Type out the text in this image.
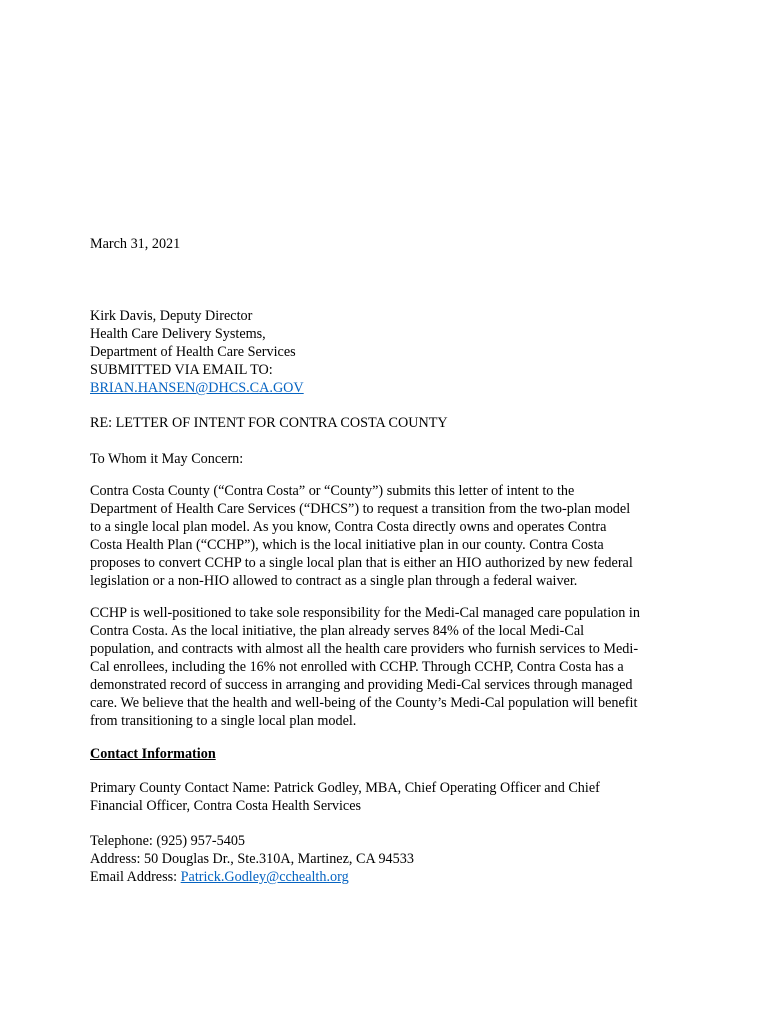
March 31, 2021
Kirk Davis, Deputy Director
Health Care Delivery Systems,
Department of Health Care Services
SUBMITTED VIA EMAIL TO:
BRIAN.HANSEN@DHCS.CA.GOV
RE: LETTER OF INTENT FOR CONTRA COSTA COUNTY
To Whom it May Concern:
Contra Costa County (“Contra Costa” or “County”) submits this letter of intent to the
Department of Health Care Services (“DHCS”) to request a transition from the two-plan model
to a single local plan model. As you know, Contra Costa directly owns and operates Contra
Costa Health Plan (“CCHP”), which is the local initiative plan in our county. Contra Costa
proposes to convert CCHP to a single local plan that is either an HIO authorized by new federal
legislation or a non-HIO allowed to contract as a single plan through a federal waiver.
CCHP is well-positioned to take sole responsibility for the Medi-Cal managed care population in
Contra Costa. As the local initiative, the plan already serves 84% of the local Medi-Cal
population, and contracts with almost all the health care providers who furnish services to Medi-
Cal enrollees, including the 16% not enrolled with CCHP. Through CCHP, Contra Costa has a
demonstrated record of success in arranging and providing Medi-Cal services through managed
care. We believe that the health and well-being of the County’s Medi-Cal population will benefit
from transitioning to a single local plan model.
Contact Information
Primary County Contact Name: Patrick Godley, MBA, Chief Operating Officer and Chief
Financial Officer, Contra Costa Health Services
Telephone: (925) 957-5405
Address: 50 Douglas Dr., Ste.310A, Martinez, CA 94533
Email Address: Patrick.Godley@cchealth.org
